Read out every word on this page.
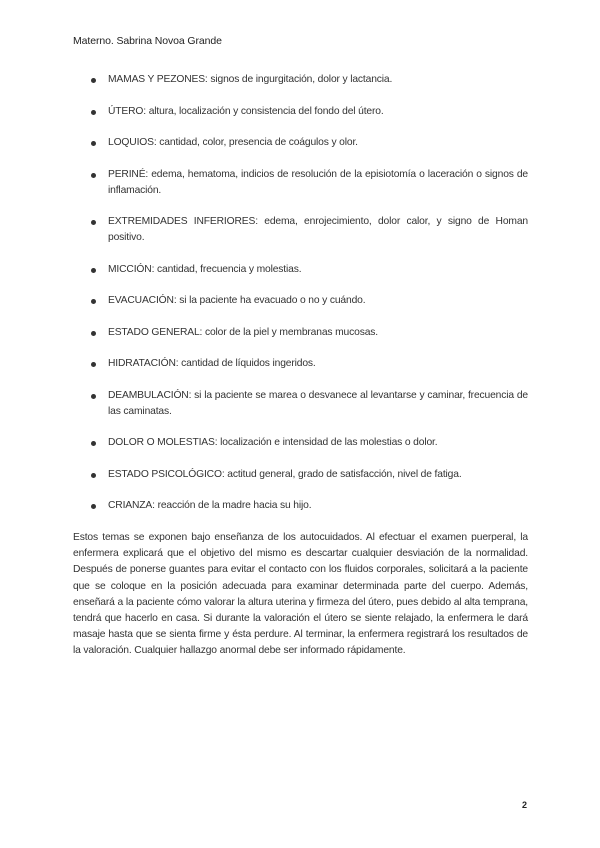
Materno. Sabrina Novoa Grande
MAMAS Y PEZONES: signos de ingurgitación, dolor y lactancia.
ÚTERO: altura, localización y consistencia del fondo del útero.
LOQUIOS: cantidad, color, presencia de coágulos y olor.
PERINÉ: edema, hematoma, indicios de resolución de la episiotomía o laceración o signos de inflamación.
EXTREMIDADES INFERIORES: edema, enrojecimiento, dolor calor, y signo de Homan positivo.
MICCIÓN: cantidad, frecuencia y molestias.
EVACUACIÓN: si la paciente ha evacuado o no y cuándo.
ESTADO GENERAL: color de la piel y membranas mucosas.
HIDRATACIÓN: cantidad de líquidos ingeridos.
DEAMBULACIÓN: si la paciente se marea o desvanece al levantarse y caminar, frecuencia de las caminatas.
DOLOR O MOLESTIAS: localización e intensidad de las molestias o dolor.
ESTADO PSICOLÓGICO: actitud general, grado de satisfacción, nivel de fatiga.
CRIANZA: reacción de la madre hacia su hijo.

Estos temas se exponen bajo enseñanza de los autocuidados. Al efectuar el examen puerperal, la enfermera explicará que el objetivo del mismo es descartar cualquier desviación de la normalidad. Después de ponerse guantes para evitar el contacto con los fluidos corporales, solicitará a la paciente que se coloque en la posición adecuada para examinar determinada parte del cuerpo. Además, enseñará a la paciente cómo valorar la altura uterina y firmeza del útero, pues debido al alta temprana, tendrá que hacerlo en casa. Si durante la valoración el útero se siente relajado, la enfermera le dará masaje hasta que se sienta firme y ésta perdure. Al terminar, la enfermera registrará los resultados de la valoración. Cualquier hallazgo anormal debe ser informado rápidamente.

2
